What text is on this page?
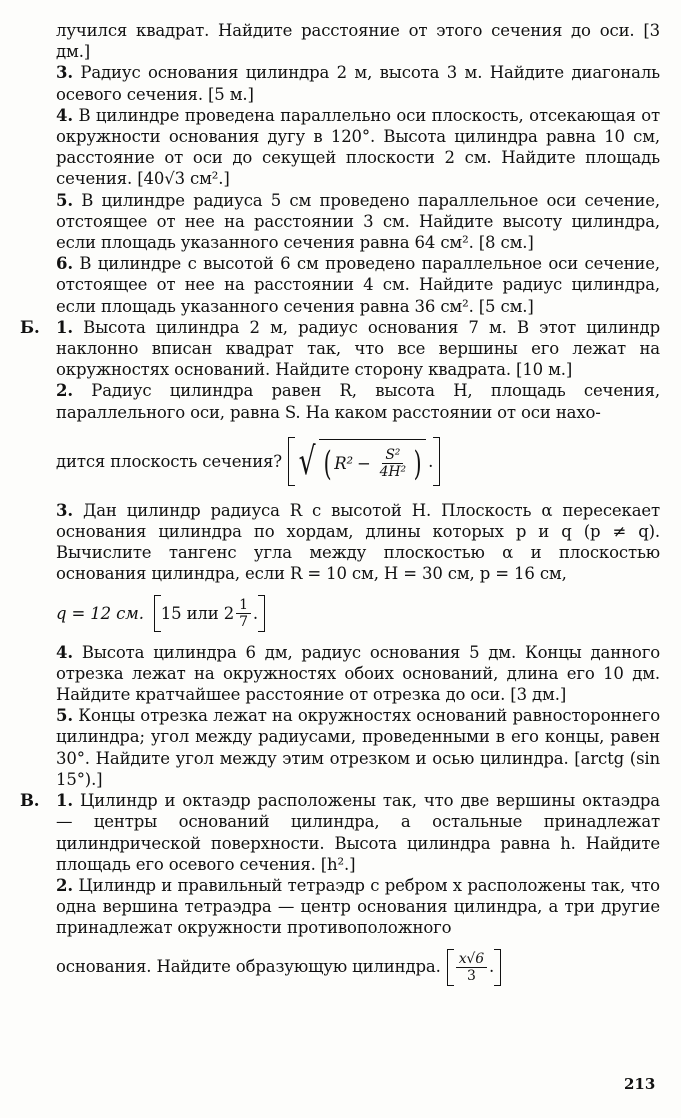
лучился квадрат. Найдите расстояние от этого сечения до оси. [3 дм.]

3. Радиус основания цилиндра 2 м, высота 3 м. Найдите диагональ осевого сечения. [5 м.]

4. В цилиндре проведена параллельно оси плоскость, отсекающая от окружности основания дугу в 120°. Высота цилиндра равна 10 см, расстояние от оси до секущей плоскости 2 см. Найдите площадь сечения. [40√3 см².]

5. В цилиндре радиуса 5 см проведено параллельное оси сечение, отстоящее от нее на расстоянии 3 см. Найдите высоту цилиндра, если площадь указанного сечения равна 64 см². [8 см.]

6. В цилиндре с высотой 6 см проведено параллельное оси сечение, отстоящее от нее на расстоянии 4 см. Найдите радиус цилиндра, если площадь указанного сечения равна 36 см². [5 см.]

Б. 1. Высота цилиндра 2 м, радиус основания 7 м. В этот цилиндр наклонно вписан квадрат так, что все вершины его лежат на окружностях оснований. Найдите сторону квадрата. [10 м.]

2. Радиус цилиндра равен R, высота H, площадь сечения, параллельного оси, равна S. На каком расстоянии от оси нахо-

дится плоскость сечения? √ ( $R^2 - \frac{\text{S²}}{\text{4H²}}$ ) .

3. Дан цилиндр радиуса R с высотой H. Плоскость α пересекает основания цилиндра по хордам, длины которых p и q (p ≠ q). Вычислите тангенс угла между плоскостью α и плоскостью основания цилиндра, если R = 10 см, H = 30 см, p = 16 см,

q = 12 см. 15 или $2 \frac{1}{7}$ .

4. Высота цилиндра 6 дм, радиус основания 5 дм. Концы данного отрезка лежат на окружностях обоих оснований, длина его 10 дм. Найдите кратчайшее расстояние от отрезка до оси. [3 дм.]

5. Концы отрезка лежат на окружностях оснований равностороннего цилиндра; угол между радиусами, проведенными в его концы, равен 30°. Найдите угол между этим отрезком и осью цилиндра. [arctg (sin 15°).]

В. 1. Цилиндр и октаэдр расположены так, что две вершины октаэдра — центры оснований цилиндра, а остальные принадлежат цилиндрической поверхности. Высота цилиндра равна h. Найдите площадь его осевого сечения. [h².]

2. Цилиндр и правильный тетраэдр с ребром x расположены так, что одна вершина тетраэдра — центр основания цилиндра, а три другие принадлежат окружности противоположного

основания. Найдите образующую цилиндра. $\frac{x√6}{3}$ .
213
